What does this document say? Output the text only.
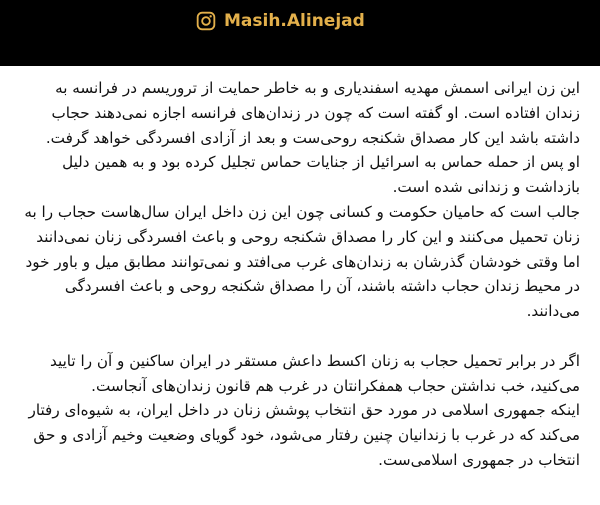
Masih.Alinejad

این زن ایرانی اسمش مهدیه اسفندیاری و به خاطر حمایت از تروریسم در فرانسه به زندان افتاده است. او گفته است که چون در زندان‌های فرانسه اجازه نمی‌دهند حجاب داشته باشد این کار مصداق شکنجه روحی‌ست و بعد از آزادی افسردگی خواهد گرفت.

او پس از حمله حماس به اسرائیل از جنایات حماس تجلیل کرده بود و به همین دلیل بازداشت و زندانی شده است.

جالب است که حامیان حکومت و کسانی چون این زن داخل ایران سال‌هاست حجاب را به زنان تحمیل می‌کنند و این کار را مصداق شکنجه روحی و باعث افسردگی زنان نمی‌دانند اما وقتی خودشان گذرشان به زندان‌های غرب می‌افتد و نمی‌توانند مطابق میل و باور خود در محیط زندان حجاب داشته باشند، آن را مصداق شکنجه روحی و باعث افسردگی می‌دانند.

اگر در برابر تحمیل حجاب به زنان اکسط داعش مستقر در ایران ساکنین و آن را تایید می‌کنید، خب نداشتن حجاب همفکرانتان در غرب هم قانون زندان‌های آنجاست.

اینکه جمهوری اسلامی در مورد حق انتخاب پوشش زنان در داخل ایران، به شیوه‌ای رفتار می‌کند که در غرب با زندانیان چنین رفتار می‌شود، خود گویای وضعیت وخیم آزادی و حق انتخاب در جمهوری اسلامی‌ست.
